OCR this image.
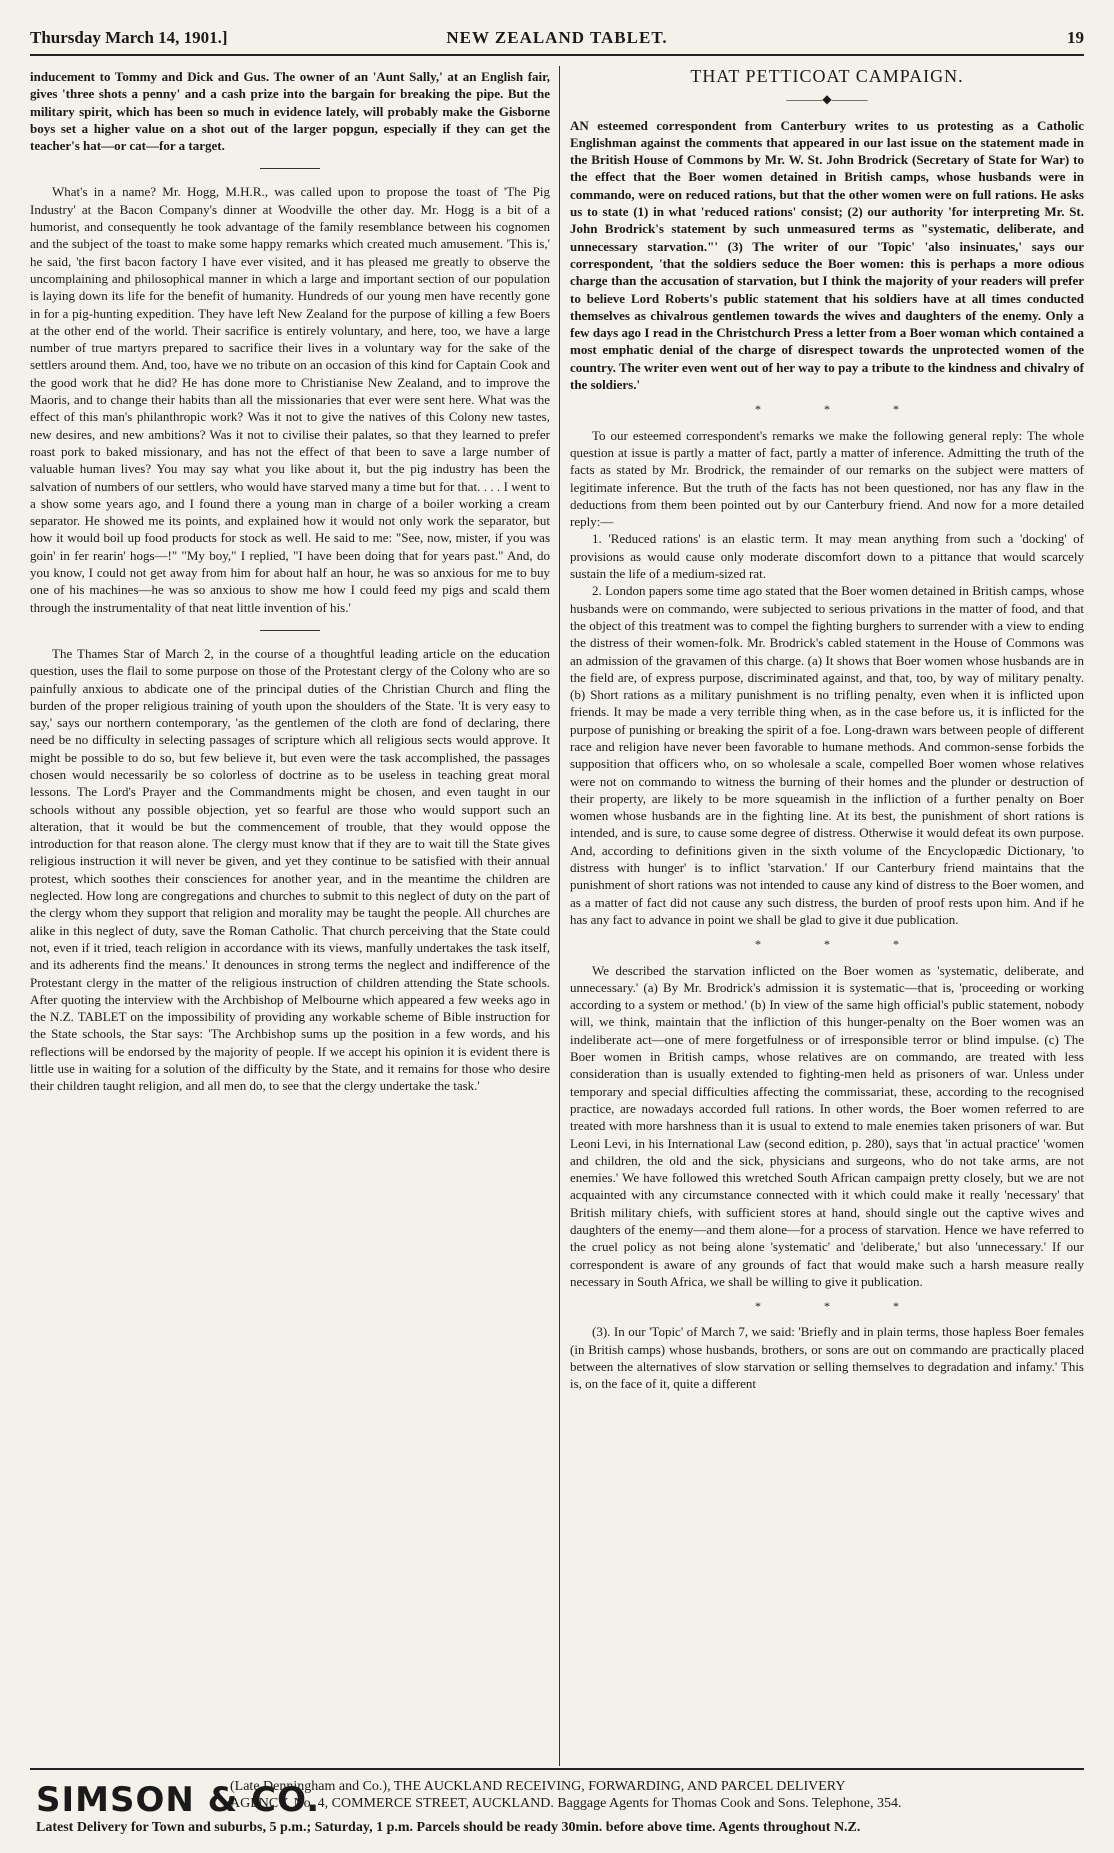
Thursday March 14, 1901.]	NEW ZEALAND TABLET.	19

inducement to Tommy and Dick and Gus. The owner of an 'Aunt Sally,' at an English fair, gives 'three shots a penny' and a cash prize into the bargain for breaking the pipe. But the military spirit, which has been so much in evidence lately, will probably make the Gisborne boys set a higher value on a shot out of the larger popgun, especially if they can get the teacher's hat—or cat—for a target.

What's in a name? Mr. Hogg, M.H.R., was called upon to propose the toast of 'The Pig Industry' at the Bacon Company's dinner at Woodville the other day. Mr. Hogg is a bit of a humorist, and consequently he took advantage of the family resemblance between his cognomen and the subject of the toast to make some happy remarks which created much amusement. 'This is,' he said, 'the first bacon factory I have ever visited, and it has pleased me greatly to observe the uncomplaining and philosophical manner in which a large and important section of our population is laying down its life for the benefit of humanity. Hundreds of our young men have recently gone in for a pig-hunting expedition. They have left New Zealand for the purpose of killing a few Boers at the other end of the world. Their sacrifice is entirely voluntary, and here, too, we have a large number of true martyrs prepared to sacrifice their lives in a voluntary way for the sake of the settlers around them. And, too, have we no tribute on an occasion of this kind for Captain Cook and the good work that he did? He has done more to Christianise New Zealand, and to improve the Maoris, and to change their habits than all the missionaries that ever were sent here. What was the effect of this man's philanthropic work? Was it not to give the natives of this Colony new tastes, new desires, and new ambitions? Was it not to civilise their palates, so that they learned to prefer roast pork to baked missionary, and has not the effect of that been to save a large number of valuable human lives? You may say what you like about it, but the pig industry has been the salvation of numbers of our settlers, who would have starved many a time but for that. . . . I went to a show some years ago, and I found there a young man in charge of a boiler working a cream separator. He showed me its points, and explained how it would not only work the separator, but how it would boil up food products for stock as well. He said to me: "See, now, mister, if you was goin' in fer rearin' hogs—!" "My boy," I replied, "I have been doing that for years past." And, do you know, I could not get away from him for about half an hour, he was so anxious for me to buy one of his machines—he was so anxious to show me how I could feed my pigs and scald them through the instrumentality of that neat little invention of his.'

The Thames Star of March 2, in the course of a thoughtful leading article on the education question, uses the flail to some purpose on those of the Protestant clergy of the Colony who are so painfully anxious to abdicate one of the principal duties of the Christian Church and fling the burden of the proper religious training of youth upon the shoulders of the State. 'It is very easy to say,' says our northern contemporary, 'as the gentlemen of the cloth are fond of declaring, there need be no difficulty in selecting passages of scripture which all religious sects would approve. It might be possible to do so, but few believe it, but even were the task accomplished, the passages chosen would necessarily be so colorless of doctrine as to be useless in teaching great moral lessons. The Lord's Prayer and the Commandments might be chosen, and even taught in our schools without any possible objection, yet so fearful are those who would support such an alteration, that it would be but the commencement of trouble, that they would oppose the introduction for that reason alone. The clergy must know that if they are to wait till the State gives religious instruction it will never be given, and yet they continue to be satisfied with their annual protest, which soothes their consciences for another year, and in the meantime the children are neglected. How long are congregations and churches to submit to this neglect of duty on the part of the clergy whom they support that religion and morality may be taught the people. All churches are alike in this neglect of duty, save the Roman Catholic. That church perceiving that the State could not, even if it tried, teach religion in accordance with its views, manfully undertakes the task itself, and its adherents find the means.' It denounces in strong terms the neglect and indifference of the Protestant clergy in the matter of the religious instruction of children attending the State schools. After quoting the interview with the Archbishop of Melbourne which appeared a few weeks ago in the N.Z. TABLET on the impossibility of providing any workable scheme of Bible instruction for the State schools, the Star says: 'The Archbishop sums up the position in a few words, and his reflections will be endorsed by the majority of people. If we accept his opinion it is evident there is little use in waiting for a solution of the difficulty by the State, and it remains for those who desire their children taught religion, and all men do, to see that the clergy undertake the task.'

THAT PETTICOAT CAMPAIGN.
———◆———

AN esteemed correspondent from Canterbury writes to us protesting as a Catholic Englishman against the comments that appeared in our last issue on the statement made in the British House of Commons by Mr. W. St. John Brodrick (Secretary of State for War) to the effect that the Boer women detained in British camps, whose husbands were in commando, were on reduced rations, but that the other women were on full rations. He asks us to state (1) in what 'reduced rations' consist; (2) our authority 'for interpreting Mr. St. John Brodrick's statement by such unmeasured terms as "systematic, deliberate, and unnecessary starvation."' (3) The writer of our 'Topic' 'also insinuates,' says our correspondent, 'that the soldiers seduce the Boer women: this is perhaps a more odious charge than the accusation of starvation, but I think the majority of your readers will prefer to believe Lord Roberts's public statement that his soldiers have at all times conducted themselves as chivalrous gentlemen towards the wives and daughters of the enemy. Only a few days ago I read in the Christchurch Press a letter from a Boer woman which contained a most emphatic denial of the charge of disrespect towards the unprotected women of the country. The writer even went out of her way to pay a tribute to the kindness and chivalry of the soldiers.'

* * *

To our esteemed correspondent's remarks we make the following general reply: The whole question at issue is partly a matter of fact, partly a matter of inference. Admitting the truth of the facts as stated by Mr. Brodrick, the remainder of our remarks on the subject were matters of legitimate inference. But the truth of the facts has not been questioned, nor has any flaw in the deductions from them been pointed out by our Canterbury friend. And now for a more detailed reply:—

1. 'Reduced rations' is an elastic term. It may mean anything from such a 'docking' of provisions as would cause only moderate discomfort down to a pittance that would scarcely sustain the life of a medium-sized rat.

2. London papers some time ago stated that the Boer women detained in British camps, whose husbands were on commando, were subjected to serious privations in the matter of food, and that the object of this treatment was to compel the fighting burghers to surrender with a view to ending the distress of their women-folk. Mr. Brodrick's cabled statement in the House of Commons was an admission of the gravamen of this charge. (a) It shows that Boer women whose husbands are in the field are, of express purpose, discriminated against, and that, too, by way of military penalty. (b) Short rations as a military punishment is no trifling penalty, even when it is inflicted upon friends. It may be made a very terrible thing when, as in the case before us, it is inflicted for the purpose of punishing or breaking the spirit of a foe. Long-drawn wars between people of different race and religion have never been favorable to humane methods. And common-sense forbids the supposition that officers who, on so wholesale a scale, compelled Boer women whose relatives were not on commando to witness the burning of their homes and the plunder or destruction of their property, are likely to be more squeamish in the infliction of a further penalty on Boer women whose husbands are in the fighting line. At its best, the punishment of short rations is intended, and is sure, to cause some degree of distress. Otherwise it would defeat its own purpose. And, according to definitions given in the sixth volume of the Encyclopædic Dictionary, 'to distress with hunger' is to inflict 'starvation.' If our Canterbury friend maintains that the punishment of short rations was not intended to cause any kind of distress to the Boer women, and as a matter of fact did not cause any such distress, the burden of proof rests upon him. And if he has any fact to advance in point we shall be glad to give it due publication.

* * *

We described the starvation inflicted on the Boer women as 'systematic, deliberate, and unnecessary.' (a) By Mr. Brodrick's admission it is systematic—that is, 'proceeding or working according to a system or method.' (b) In view of the same high official's public statement, nobody will, we think, maintain that the infliction of this hunger-penalty on the Boer women was an indeliberate act—one of mere forgetfulness or of irresponsible terror or blind impulse. (c) The Boer women in British camps, whose relatives are on commando, are treated with less consideration than is usually extended to fighting-men held as prisoners of war. Unless under temporary and special difficulties affecting the commissariat, these, according to the recognised practice, are nowadays accorded full rations. In other words, the Boer women referred to are treated with more harshness than it is usual to extend to male enemies taken prisoners of war. But Leoni Levi, in his International Law (second edition, p. 280), says that 'in actual practice' 'women and children, the old and the sick, physicians and surgeons, who do not take arms, are not enemies.' We have followed this wretched South African campaign pretty closely, but we are not acquainted with any circumstance connected with it which could make it really 'necessary' that British military chiefs, with sufficient stores at hand, should single out the captive wives and daughters of the enemy—and them alone—for a process of starvation. Hence we have referred to the cruel policy as not being alone 'systematic' and 'deliberate,' but also 'unnecessary.' If our correspondent is aware of any grounds of fact that would make such a harsh measure really necessary in South Africa, we shall be willing to give it publication.

* * *

(3). In our 'Topic' of March 7, we said: 'Briefly and in plain terms, those hapless Boer females (in British camps) whose husbands, brothers, or sons are out on commando are practically placed between the alternatives of slow starvation or selling themselves to degradation and infamy.' This is, on the face of it, quite a different

SIMSON & CO.
(Late Denningham and Co.), THE AUCKLAND RECEIVING, FORWARDING, AND PARCEL DELIVERY
AGENCY, No. 4, COMMERCE STREET, AUCKLAND. Baggage Agents for Thomas Cook and Sons. Telephone, 354.
Latest Delivery for Town and suburbs, 5 p.m.; Saturday, 1 p.m. Parcels should be ready 30min. before above time. Agents throughout N.Z.
